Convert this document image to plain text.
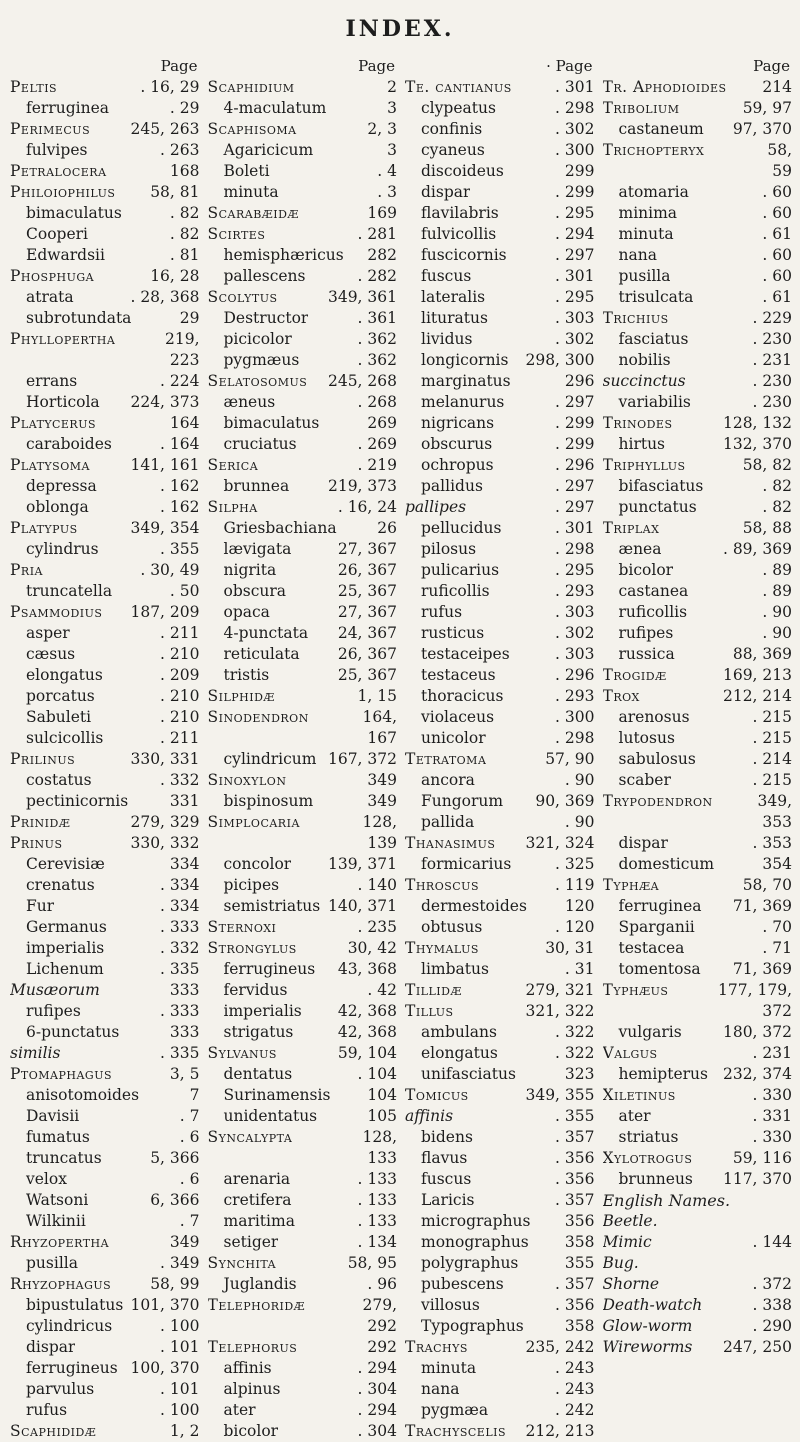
INDEX.
Page
Peltis	. 16, 29
ferruginea	. 29
Perimecus	245, 263
fulvipes	. 263
Petralocera	168
Philoiophilus 58, 81
bimaculatus	. 82
Cooperi	. 82
Edwardsii	. 81
Phosphuga	16, 28
atrata	. 28, 368
subrotundata	29
Phyllopertha	219,
223
errans	. 224
Horticola 224, 373
Platycerus	164
caraboides	. 164
Platysoma	141, 161
depressa	. 162
oblonga	. 162
Platypus	349, 354
cylindrus	. 355
Pria	. 30, 49
truncatella	. 50
Psammodius 187, 209
asper	. 211
cæsus	. 210
elongatus	. 209
porcatus	. 210
Sabuleti	. 210
sulcicollis	. 211
Prilinus	330, 331
costatus	. 332
pectinicornis	331
Prinidæ	279, 329
Prinus	330, 332
Cerevisiæ	334
crenatus	. 334
Fur	. 334
Germanus	. 333
imperialis	. 332
Lichenum	. 335
Musæorum	333
rufipes	. 333
6-punctatus	333
similis	. 335
Ptomaphagus	3, 5
anisotomoides	7
Davisii	. 7
fumatus	. 6
truncatus	5, 366
velox	. 6
Watsoni	6, 366
Wilkinii	. 7
Rhyzopertha	349
pusilla	. 349
Rhyzophagus	58, 99
bipustulatus 101, 370
cylindricus	. 100
dispar	. 101
ferrugineus 100, 370
parvulus	. 101
rufus	. 100
Scaphididæ	1, 2
Page
Scaphidium	2
4-maculatum	3
Scaphisoma	2, 3
Agaricicum	3
Boleti	. 4
minuta	. 3
Scarabæidæ	169
Scirtes	. 281
hemisphæricus 282
pallescens	. 282
Scolytus	349, 361
Destructor	. 361
picicolor	. 362
pygmæus	. 362
Selatosomus 245, 268
æneus	. 268
bimaculatus	269
cruciatus	. 269
Serica	. 219
brunnea	219, 373
Silpha	. 16, 24
Griesbachiana	26
lævigata	27, 367
nigrita	26, 367
obscura	25, 367
opaca	27, 367
4-punctata 24, 367
reticulata 26, 367
tristis	25, 367
Silphidæ	1, 15
Sinodendron	164,
167
cylindricum 167, 372
Sinoxylon	349
bispinosum	349
Simplocaria	128,
139
concolor 139, 371
picipes	. 140
semistriatus 140, 371
Sternoxi	. 235
Strongylus	30, 42
ferrugineus 43, 368
fervidus	. 42
imperialis 42, 368
strigatus	42, 368
Sylvanus	59, 104
dentatus	. 104
Surinamensis 104
unidentatus	105
Syncalypta	128,
133
arenaria	. 133
cretifera	. 133
maritima	. 133
setiger	. 134
Synchita	58, 95
Juglandis	. 96
Telephoridæ	279,
292
Telephorus	292
affinis	. 294
alpinus	. 304
ater	. 294
bicolor	. 304
· Page
Te. cantianus	. 301
clypeatus	. 298
confinis	. 302
cyaneus	. 300
discoideus	299
dispar	. 299
flavilabris	. 295
fulvicollis	. 294
fuscicornis	. 297
fuscus	. 301
lateralis	. 295
lituratus	. 303
lividus	. 302
longicornis 298, 300
marginatus	296
melanurus	. 297
nigricans	. 299
obscurus	. 299
ochropus	. 296
pallidus	. 297
pallipes	. 297
pellucidus	. 301
pilosus	. 298
pulicarius	. 295
ruficollis	. 293
rufus	. 303
rusticus	. 302
testaceipes	. 303
testaceus	. 296
thoracicus	. 293
violaceus	. 300
unicolor	. 298
Tetratoma	57, 90
ancora	. 90
Fungorum 90, 369
pallida	. 90
Thanasimus 321, 324
formicarius	. 325
Throscus	. 119
dermestoides 120
obtusus	. 120
Thymalus	30, 31
limbatus	. 31
Tillidæ	279, 321
Tillus	321, 322
ambulans	. 322
elongatus	. 322
unifasciatus	323
Tomicus	349, 355
affinis	. 355
bidens	. 357
flavus	. 356
fuscus	. 356
Laricis	. 357
micrographus 356
monographus 358
polygraphus	355
pubescens	. 357
villosus	. 356
Typographus	358
Trachys	235, 242
minuta	. 243
nana	. 243
pygmæa	. 242
Trachyscelis 212, 213
Page
Tr. Aphodioides 214
Tribolium	59, 97
castaneum 97, 370
Trichopteryx	58,
59
atomaria	. 60
minima	. 60
minuta	. 61
nana	. 60
pusilla	. 60
trisulcata	. 61
Trichius	. 229
fasciatus	. 230
nobilis	. 231
succinctus	. 230
variabilis	. 230
Trinodes	128, 132
hirtus	132, 370
Triphyllus	58, 82
bifasciatus	. 82
punctatus	. 82
Triplax	58, 88
ænea	. 89, 369
bicolor	. 89
castanea	. 89
ruficollis	. 90
rufipes	. 90
russica	88, 369
Trogidæ	169, 213
Trox	212, 214
arenosus	. 215
lutosus	. 215
sabulosus	. 214
scaber	. 215
Trypodendron	349,
353
dispar	. 353
domesticum	354
Typhæa	58, 70
ferruginea 71, 369
Sparganii	. 70
testacea	. 71
tomentosa 71, 369
Typhæus	177, 179,
372
vulgaris	180, 372
Valgus	. 231
hemipterus 232, 374
Xiletinus	. 330
ater	. 331
striatus	. 330
Xylotrogus	59, 116
brunneus 117, 370
English Names.
Beetle.
Mimic	. 144
Bug.
Shorne	. 372
Death-watch	. 338
Glow-worm	. 290
Wireworms 247, 250
